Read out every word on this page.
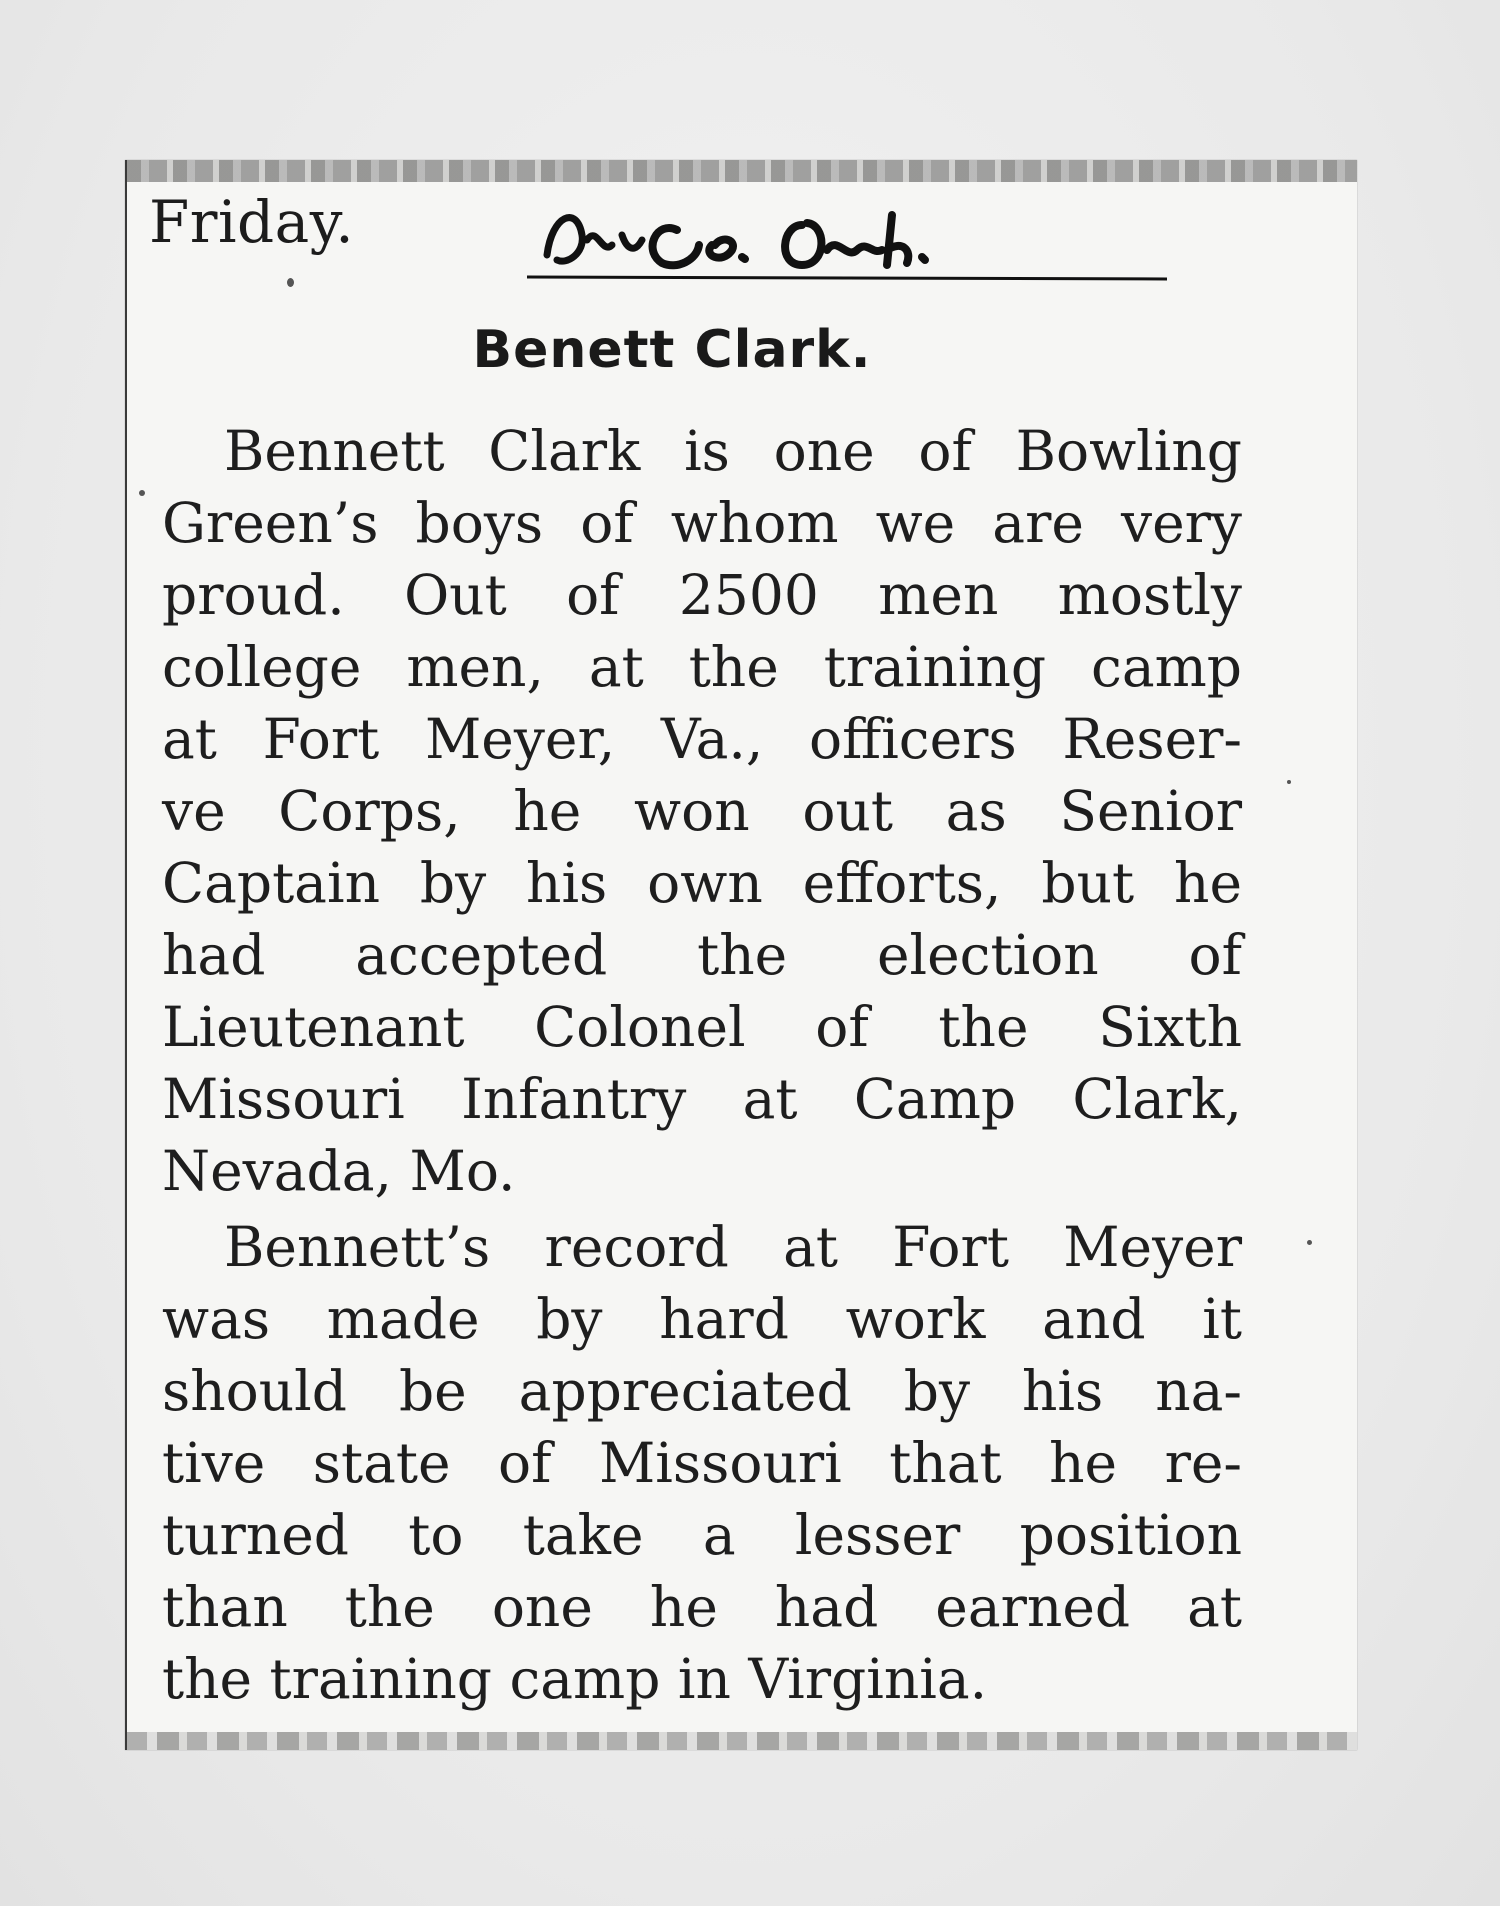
Friday.
Benett Clark.
Bennett Clark is one of Bowling
Green’s boys of whom we are very
proud. Out of 2500 men mostly
college men, at the training camp
at Fort Meyer, Va., officers Reser-
ve Corps, he won out as Senior
Captain by his own efforts, but he
had accepted the election of
Lieutenant Colonel of the Sixth
Missouri Infantry at Camp Clark,
Nevada, Mo.
Bennett’s record at Fort Meyer
was made by hard work and it
should be appreciated by his na-
tive state of Missouri that he re-
turned to take a lesser position
than the one he had earned at
the training camp in Virginia.
